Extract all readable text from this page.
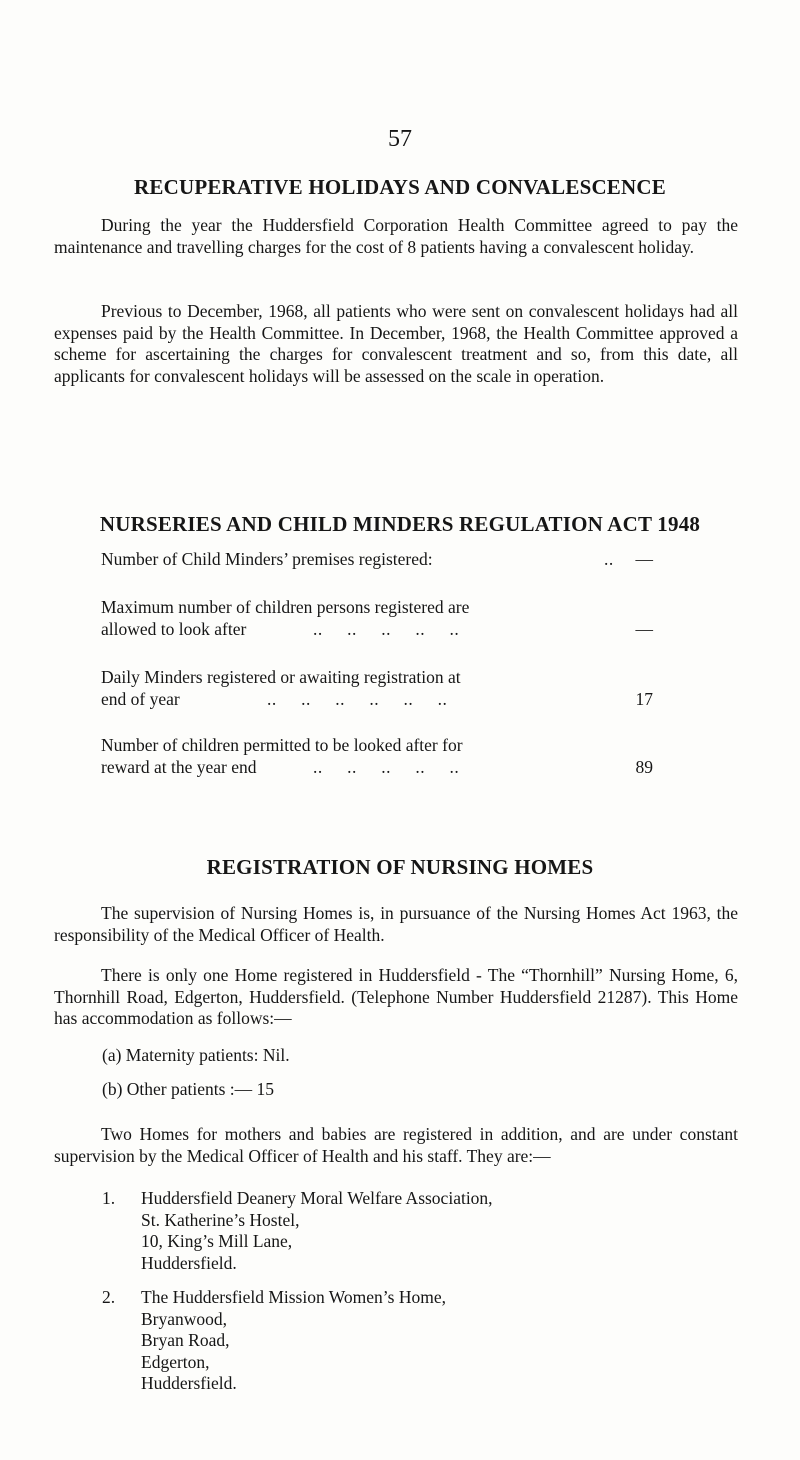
57
RECUPERATIVE HOLIDAYS AND CONVALESCENCE
During the year the Huddersfield Corporation Health Committee agreed to pay the maintenance and travelling charges for the cost of 8 patients having a convalescent holiday.
Previous to December, 1968, all patients who were sent on convalescent holidays had all expenses paid by the Health Committee. In December, 1968, the Health Committee approved a scheme for ascertaining the charges for convalescent treatment and so, from this date, all applicants for convalescent holidays will be assessed on the scale in operation.
NURSERIES AND CHILD MINDERS REGULATION ACT 1948
Number of Child Minders’ premises registered:	.. —
Maximum number of children persons registered are
allowed to look after	..     ..     ..     ..     ..	—
Daily Minders registered or awaiting registration at
end of year	..     ..     ..     ..     ..     ..	17
Number of children permitted to be looked after for
reward at the year end	..     ..     ..     ..     ..	89
REGISTRATION OF NURSING HOMES
The supervision of Nursing Homes is, in pursuance of the Nursing Homes Act 1963, the responsibility of the Medical Officer of Health.
There is only one Home registered in Huddersfield - The “Thornhill” Nursing Home, 6, Thornhill Road, Edgerton, Huddersfield. (Telephone Number Huddersfield 21287). This Home has accommodation as follows:—
(a) Maternity patients: Nil.
(b) Other patients :— 15
Two Homes for mothers and babies are registered in addition, and are under constant supervision by the Medical Officer of Health and his staff. They are:—
1. Huddersfield Deanery Moral Welfare Association,
St. Katherine’s Hostel,
10, King’s Mill Lane,
Huddersfield.
2. The Huddersfield Mission Women’s Home,
Bryanwood,
Bryan Road,
Edgerton,
Huddersfield.
